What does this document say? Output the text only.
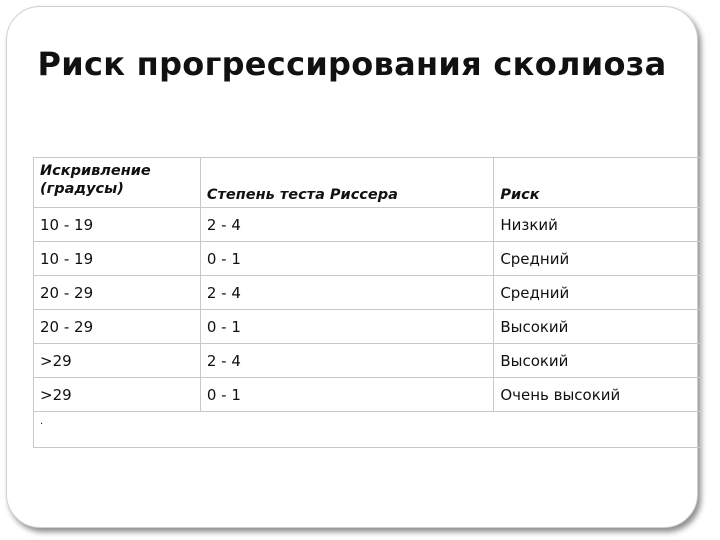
Риск прогрессирования сколиоза
Искривление
(градусы)	Степень теста Риссера	Риск
10 - 19	2 - 4	Низкий
10 - 19	0 - 1	Средний
20 - 29	2 - 4	Средний
20 - 29	0 - 1	Высокий
>29	2 - 4	Высокий
>29	0 - 1	Очень высокий
.		
